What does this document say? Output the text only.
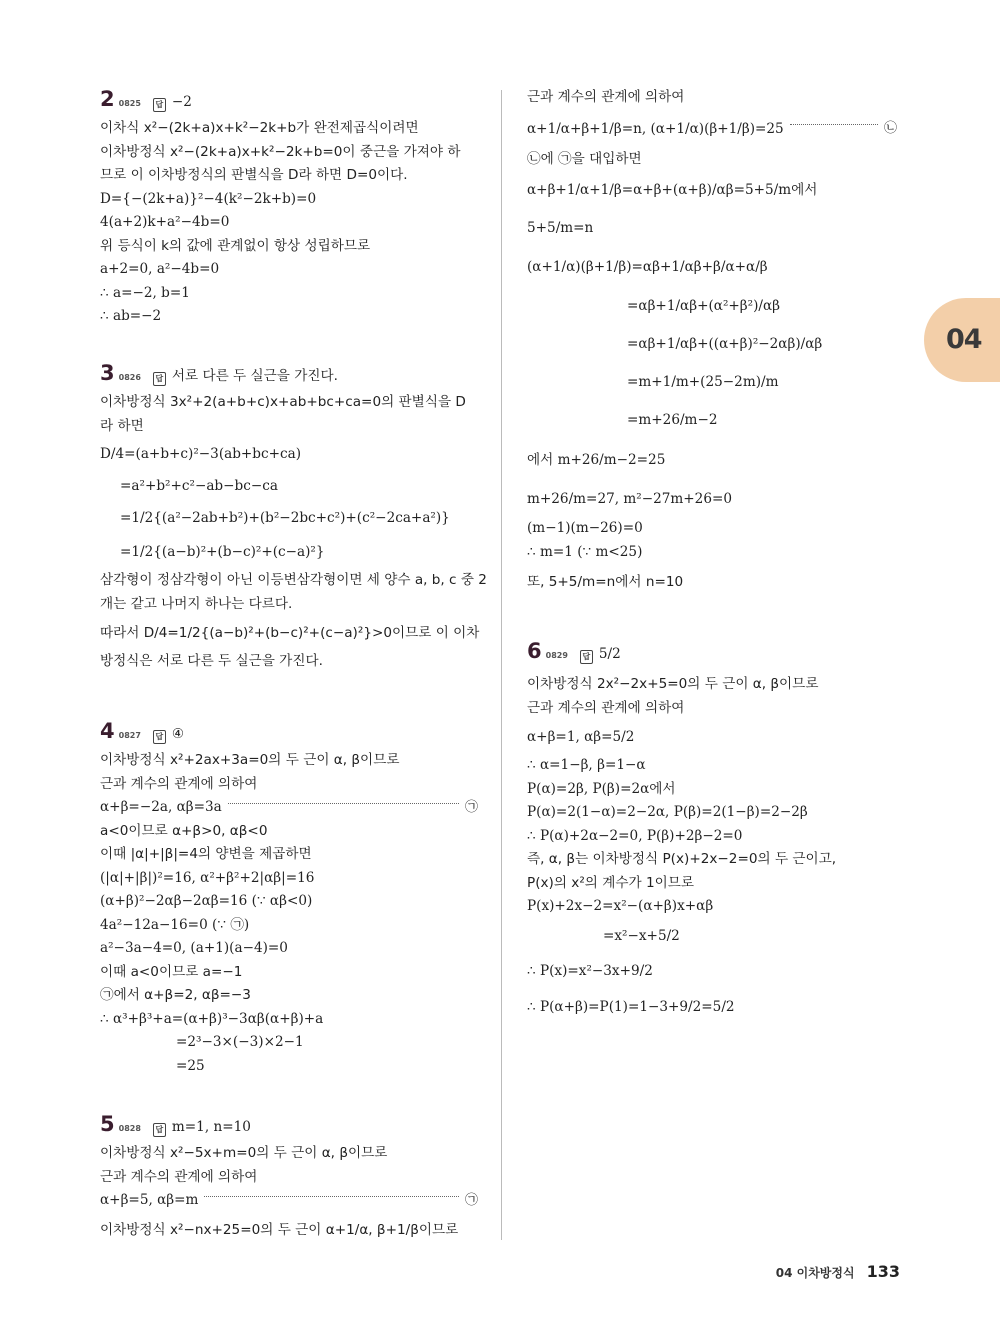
2 0825	답 −2
이차식 x²−(2k+a)x+k²−2k+b가 완전제곱식이려면
이차방정식 x²−(2k+a)x+k²−2k+b=0이 중근을 가져야 하
므로 이 이차방정식의 판별식을 D라 하면 D=0이다.
D={−(2k+a)}²−4(k²−2k+b)=0
4(a+2)k+a²−4b=0
위 등식이 k의 값에 관계없이 항상 성립하므로
a+2=0, a²−4b=0
∴ a=−2, b=1
∴ ab=−2
3 0826	답 서로 다른 두 실근을 가진다.
이차방정식 3x²+2(a+b+c)x+ab+bc+ca=0의 판별식을 D
라 하면
D/4=(a+b+c)²−3(ab+bc+ca)
=a²+b²+c²−ab−bc−ca
=1/2{(a²−2ab+b²)+(b²−2bc+c²)+(c²−2ca+a²)}
=1/2{(a−b)²+(b−c)²+(c−a)²}
삼각형이 정삼각형이 아닌 이등변삼각형이면 세 양수 a, b, c 중 2
개는 같고 나머지 하나는 다르다.
따라서 D/4=1/2{(a−b)²+(b−c)²+(c−a)²}>0이므로 이 이차
방정식은 서로 다른 두 실근을 가진다.
4 0827	답 ④
이차방정식 x²+2ax+3a=0의 두 근이 α, β이므로
근과 계수의 관계에 의하여
α+β=−2a, αβ=3a	㉠
a<0이므로 α+β>0, αβ<0
이때 |α|+|β|=4의 양변을 제곱하면
(|α|+|β|)²=16, α²+β²+2|αβ|=16
(α+β)²−2αβ−2αβ=16 (∵ αβ<0)
4a²−12a−16=0 (∵ ㉠)
a²−3a−4=0, (a+1)(a−4)=0
이때 a<0이므로 a=−1
㉠에서 α+β=2, αβ=−3
∴ α³+β³+a=(α+β)³−3αβ(α+β)+a
=2³−3×(−3)×2−1
=25
5 0828	답 m=1, n=10
이차방정식 x²−5x+m=0의 두 근이 α, β이므로
근과 계수의 관계에 의하여
α+β=5, αβ=m	㉠
이차방정식 x²−nx+25=0의 두 근이 α+1/α, β+1/β이므로
근과 계수의 관계에 의하여
α+1/α+β+1/β=n, (α+1/α)(β+1/β)=25	㉡
㉡에 ㉠을 대입하면
α+β+1/α+1/β=α+β+(α+β)/αβ=5+5/m에서
5+5/m=n
(α+1/α)(β+1/β)=αβ+1/αβ+β/α+α/β
=αβ+1/αβ+(α²+β²)/αβ
=αβ+1/αβ+((α+β)²−2αβ)/αβ
=m+1/m+(25−2m)/m
=m+26/m−2
에서 m+26/m−2=25
m+26/m=27, m²−27m+26=0
(m−1)(m−26)=0
∴ m=1 (∵ m<25)
또, 5+5/m=n에서 n=10
6 0829	답 5/2
이차방정식 2x²−2x+5=0의 두 근이 α, β이므로
근과 계수의 관계에 의하여
α+β=1, αβ=5/2
∴ α=1−β, β=1−α
P(α)=2β, P(β)=2α에서
P(α)=2(1−α)=2−2α, P(β)=2(1−β)=2−2β
∴ P(α)+2α−2=0, P(β)+2β−2=0
즉, α, β는 이차방정식 P(x)+2x−2=0의 두 근이고,
P(x)의 x²의 계수가 1이므로
P(x)+2x−2=x²−(α+β)x+αβ
=x²−x+5/2
∴ P(x)=x²−3x+9/2
∴ P(α+β)=P(1)=1−3+9/2=5/2
04
04 이차방정식 133
